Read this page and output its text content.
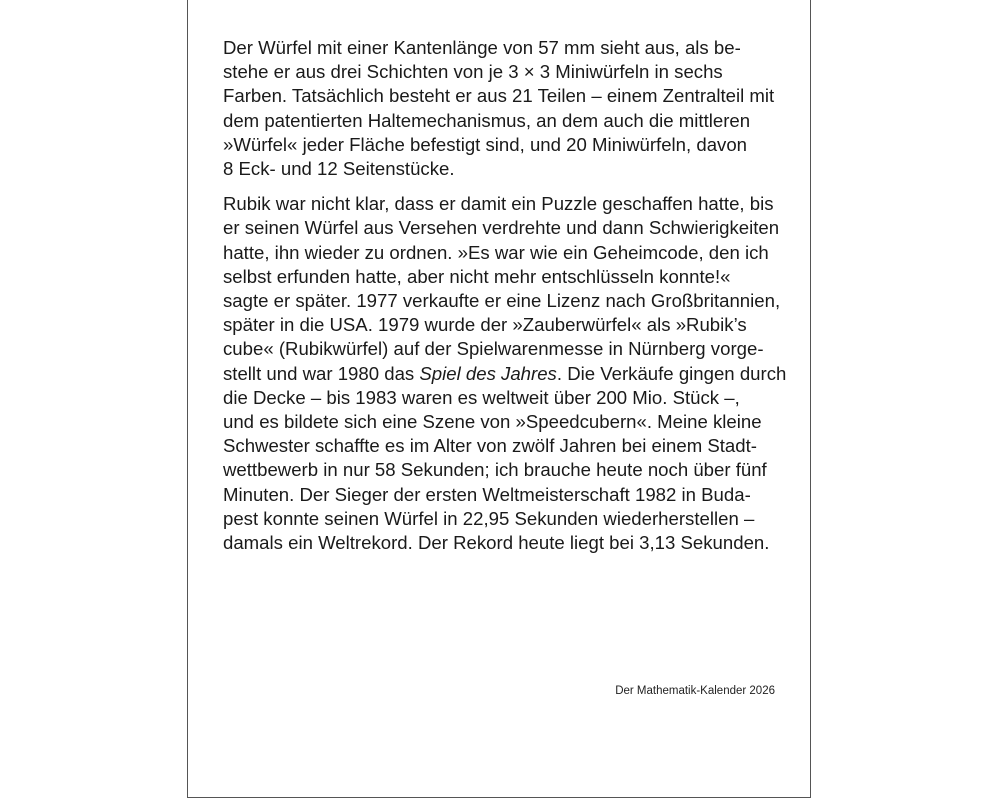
Der Würfel mit einer Kantenlänge von 57 mm sieht aus, als be-
stehe er aus drei Schichten von je 3 × 3 Miniwürfeln in sechs
Farben. Tatsächlich besteht er aus 21 Teilen – einem Zentralteil mit
dem patentierten Haltemechanismus, an dem auch die mittleren
»Würfel« jeder Fläche befestigt sind, und 20 Miniwürfeln, davon
8 Eck- und 12 Seitenstücke.

Rubik war nicht klar, dass er damit ein Puzzle geschaffen hatte, bis
er seinen Würfel aus Versehen verdrehte und dann Schwierigkeiten
hatte, ihn wieder zu ordnen. »Es war wie ein Geheimcode, den ich
selbst erfunden hatte, aber nicht mehr entschlüsseln konnte!«
sagte er später. 1977 verkaufte er eine Lizenz nach Großbritannien,
später in die USA. 1979 wurde der »Zauberwürfel« als »Rubik’s
cube« (Rubikwürfel) auf der Spielwarenmesse in Nürnberg vorge-
stellt und war 1980 das Spiel des Jahres. Die Verkäufe gingen durch
die Decke – bis 1983 waren es weltweit über 200 Mio. Stück –,
und es bildete sich eine Szene von »Speedcubern«. Meine kleine
Schwester schaffte es im Alter von zwölf Jahren bei einem Stadt-
wettbewerb in nur 58 Sekunden; ich brauche heute noch über fünf
Minuten. Der Sieger der ersten Weltmeisterschaft 1982 in Buda-
pest konnte seinen Würfel in 22,95 Sekunden wiederherstellen –
damals ein Weltrekord. Der Rekord heute liegt bei 3,13 Sekunden.

Der Mathematik-Kalender 2026
